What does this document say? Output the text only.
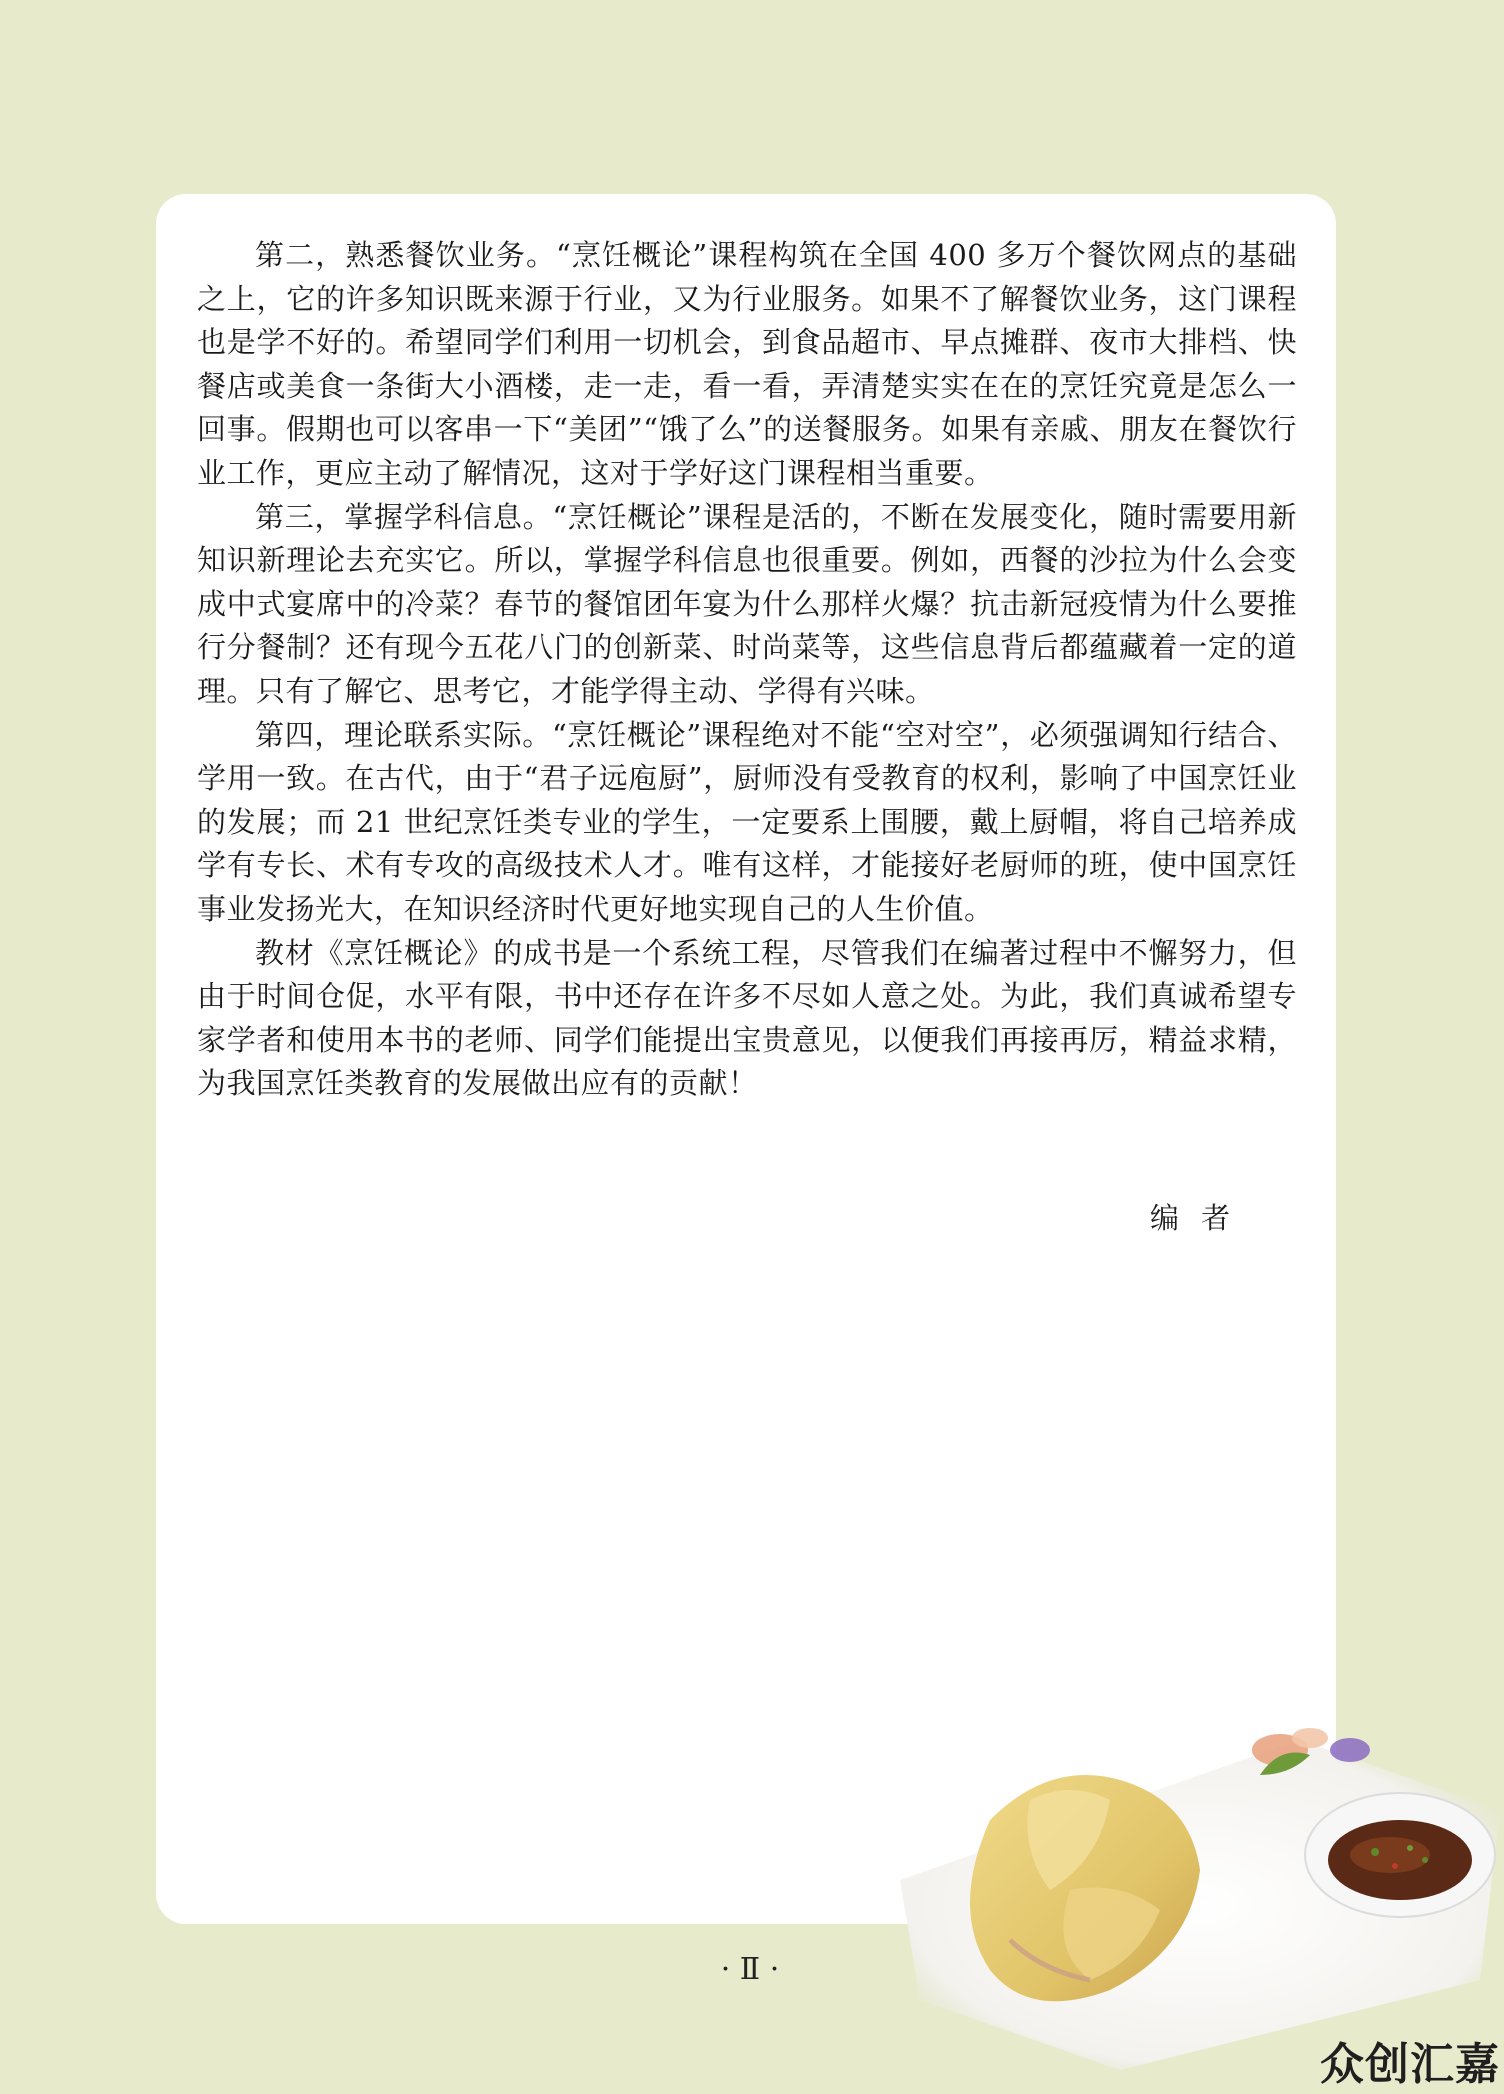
第二，熟悉餐饮业务。“烹饪概论”课程构筑在全国 400 多万个餐饮网点的基础之上，它的许多知识既来源于行业，又为行业服务。如果不了解餐饮业务，这门课程也是学不好的。希望同学们利用一切机会，到食品超市、早点摊群、夜市大排档、快餐店或美食一条街大小酒楼，走一走，看一看，弄清楚实实在在的烹饪究竟是怎么一回事。假期也可以客串一下“美团”“饿了么”的送餐服务。如果有亲戚、朋友在餐饮行业工作，更应主动了解情况，这对于学好这门课程相当重要。

第三，掌握学科信息。“烹饪概论”课程是活的，不断在发展变化，随时需要用新知识新理论去充实它。所以，掌握学科信息也很重要。例如，西餐的沙拉为什么会变成中式宴席中的冷菜？春节的餐馆团年宴为什么那样火爆？抗击新冠疫情为什么要推行分餐制？还有现今五花八门的创新菜、时尚菜等，这些信息背后都蕴藏着一定的道理。只有了解它、思考它，才能学得主动、学得有兴味。

第四，理论联系实际。“烹饪概论”课程绝对不能“空对空”，必须强调知行结合、学用一致。在古代，由于“君子远庖厨”，厨师没有受教育的权利，影响了中国烹饪业的发展；而 21 世纪烹饪类专业的学生，一定要系上围腰，戴上厨帽，将自己培养成学有专长、术有专攻的高级技术人才。唯有这样，才能接好老厨师的班，使中国烹饪事业发扬光大，在知识经济时代更好地实现自己的人生价值。

教材《烹饪概论》的成书是一个系统工程，尽管我们在编著过程中不懈努力，但由于时间仓促，水平有限，书中还存在许多不尽如人意之处。为此，我们真诚希望专家学者和使用本书的老师、同学们能提出宝贵意见，以便我们再接再厉，精益求精，为我国烹饪类教育的发展做出应有的贡献！

编者
· Ⅱ ·
众创汇嘉
